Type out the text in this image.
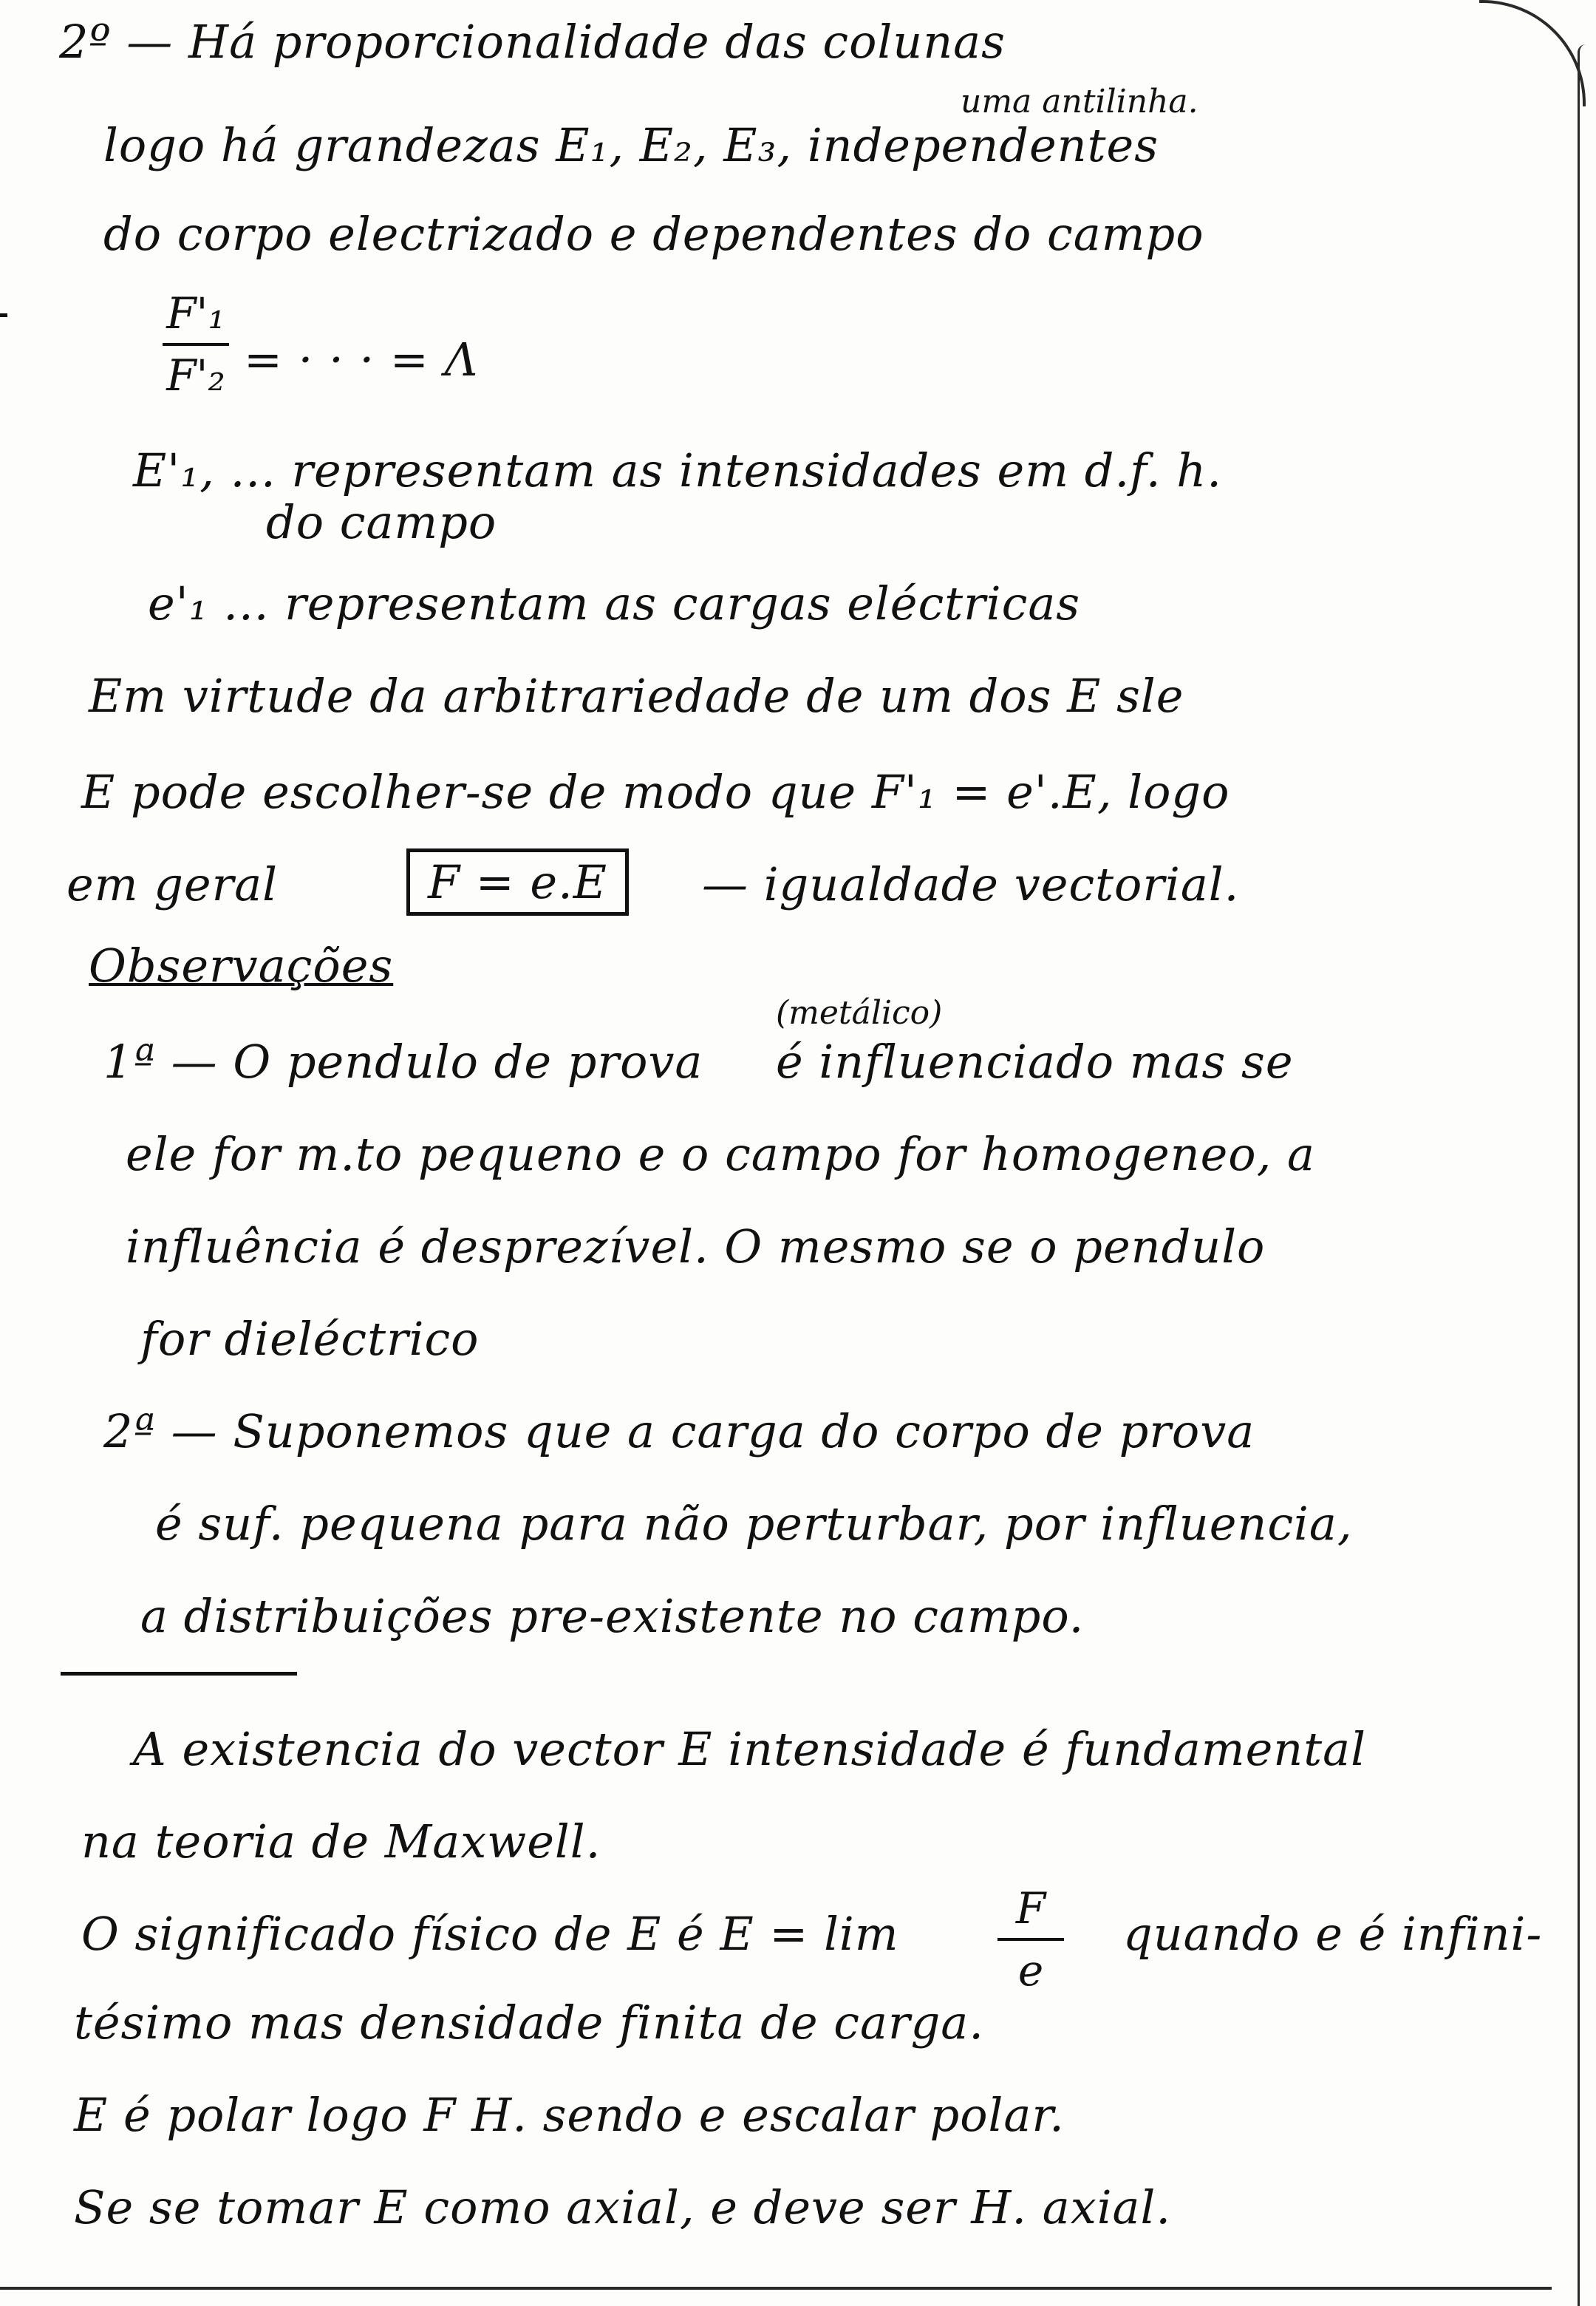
2º — Há proporcionalidade das colunas
uma antilinha.
logo há grandezas E₁, E₂, E₃, independentes
do corpo electrizado e dependentes do campo
F'₁
F'₂ = · · · = Λ
E'₁, ... representam as intensidades em d.f. h.
do campo
e'₁ ... representam as cargas eléctricas
Em virtude da arbitrariedade de um dos E sle
E pode escolher-se de modo que F'₁ = e'.E, logo
em geral	F = e.E	— igualdade vectorial.
Observações
(metálico)
1ª — O pendulo de prova é influenciado mas se
ele for m.to pequeno e o campo for homogeneo, a
influência é desprezível. O mesmo se o pendulo
for dieléctrico
2ª — Suponemos que a carga do corpo de prova
é suf. pequena para não perturbar, por influencia,
a distribuições pre-existente no campo.
A existencia do vector E intensidade é fundamental
na teoria de Maxwell.
O significado físico de E é E = lim	F
e
quando e é infini-
tésimo mas densidade finita de carga.
E é polar logo F H. sendo e escalar polar.
Se se tomar E como axial, e deve ser H. axial.
